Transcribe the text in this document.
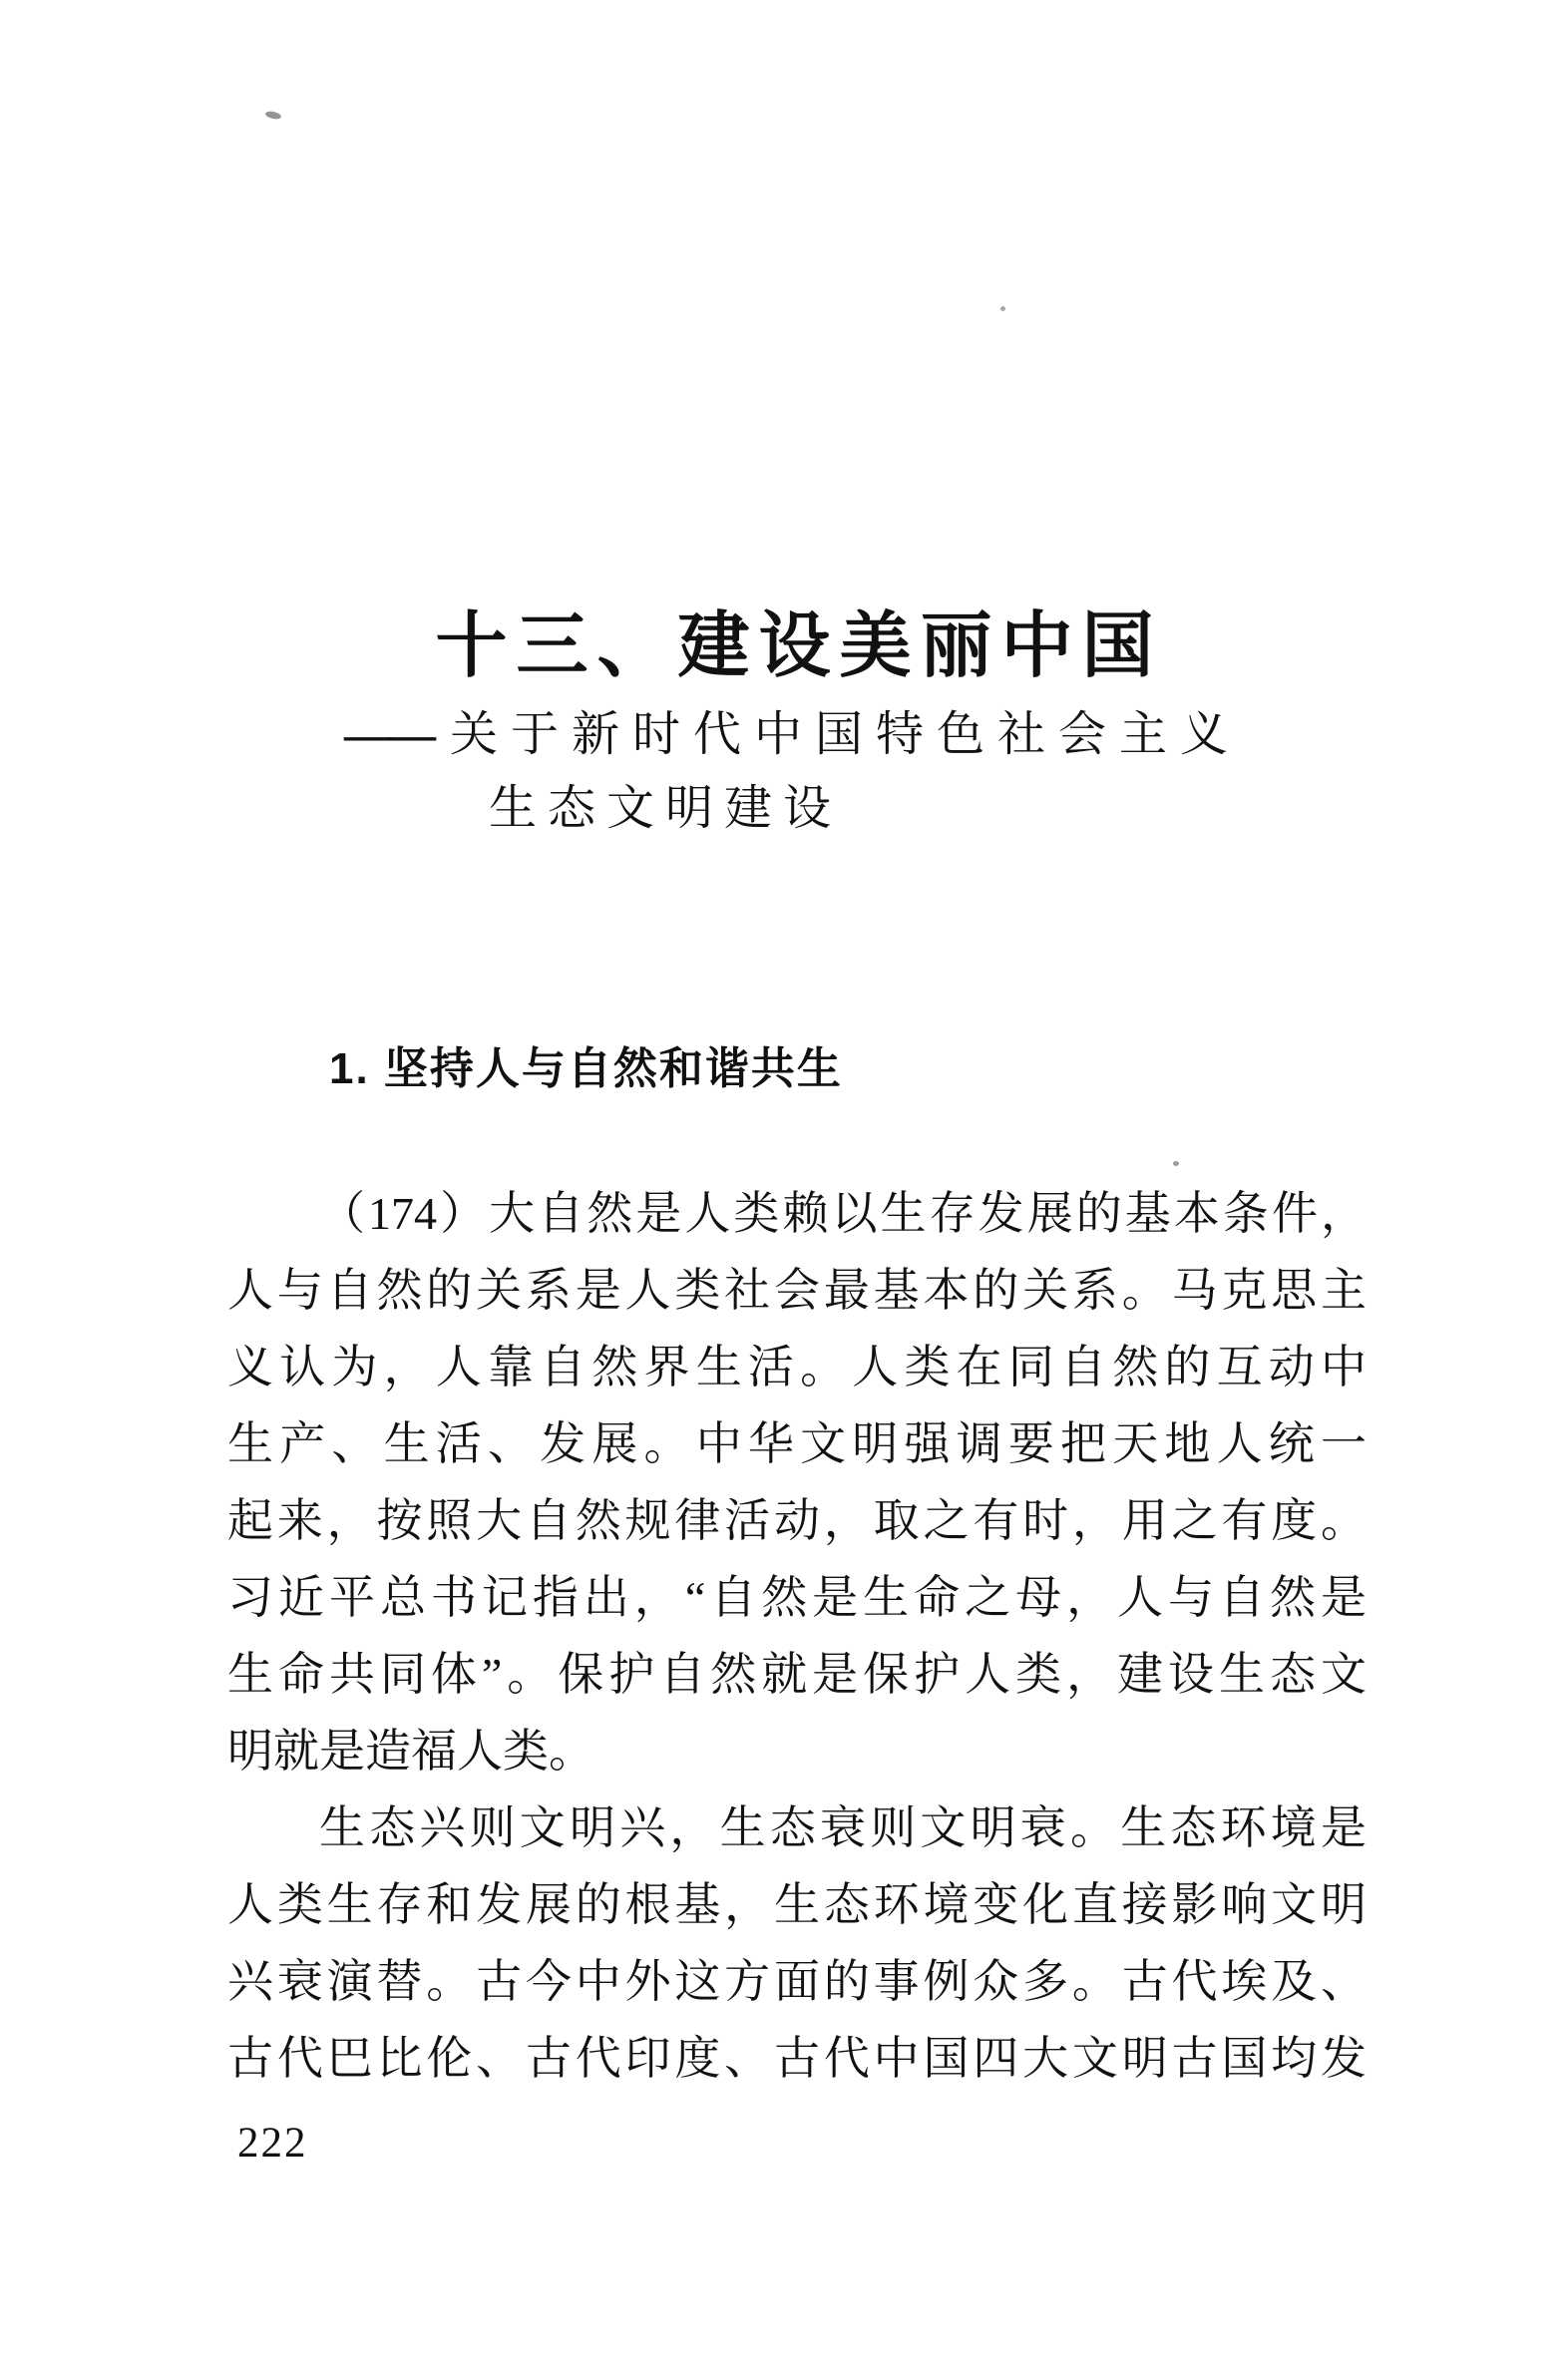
十三、建设美丽中国
—— 关于新时代中国特色社会主义
生态文明建设
1. 坚持人与自然和谐共生
（174）大自然是人类赖以生存发展的基本条件，
人与自然的关系是人类社会最基本的关系。马克思主
义认为，人靠自然界生活。人类在同自然的互动中
生产、生活、发展。中华文明强调要把天地人统一
起来，按照大自然规律活动，取之有时，用之有度。
习近平总书记指出，“自然是生命之母，人与自然是
生命共同体”。保护自然就是保护人类，建设生态文
明就是造福人类。
生态兴则文明兴，生态衰则文明衰。生态环境是
人类生存和发展的根基，生态环境变化直接影响文明
兴衰演替。古今中外这方面的事例众多。古代埃及、
古代巴比伦、古代印度、古代中国四大文明古国均发
222
